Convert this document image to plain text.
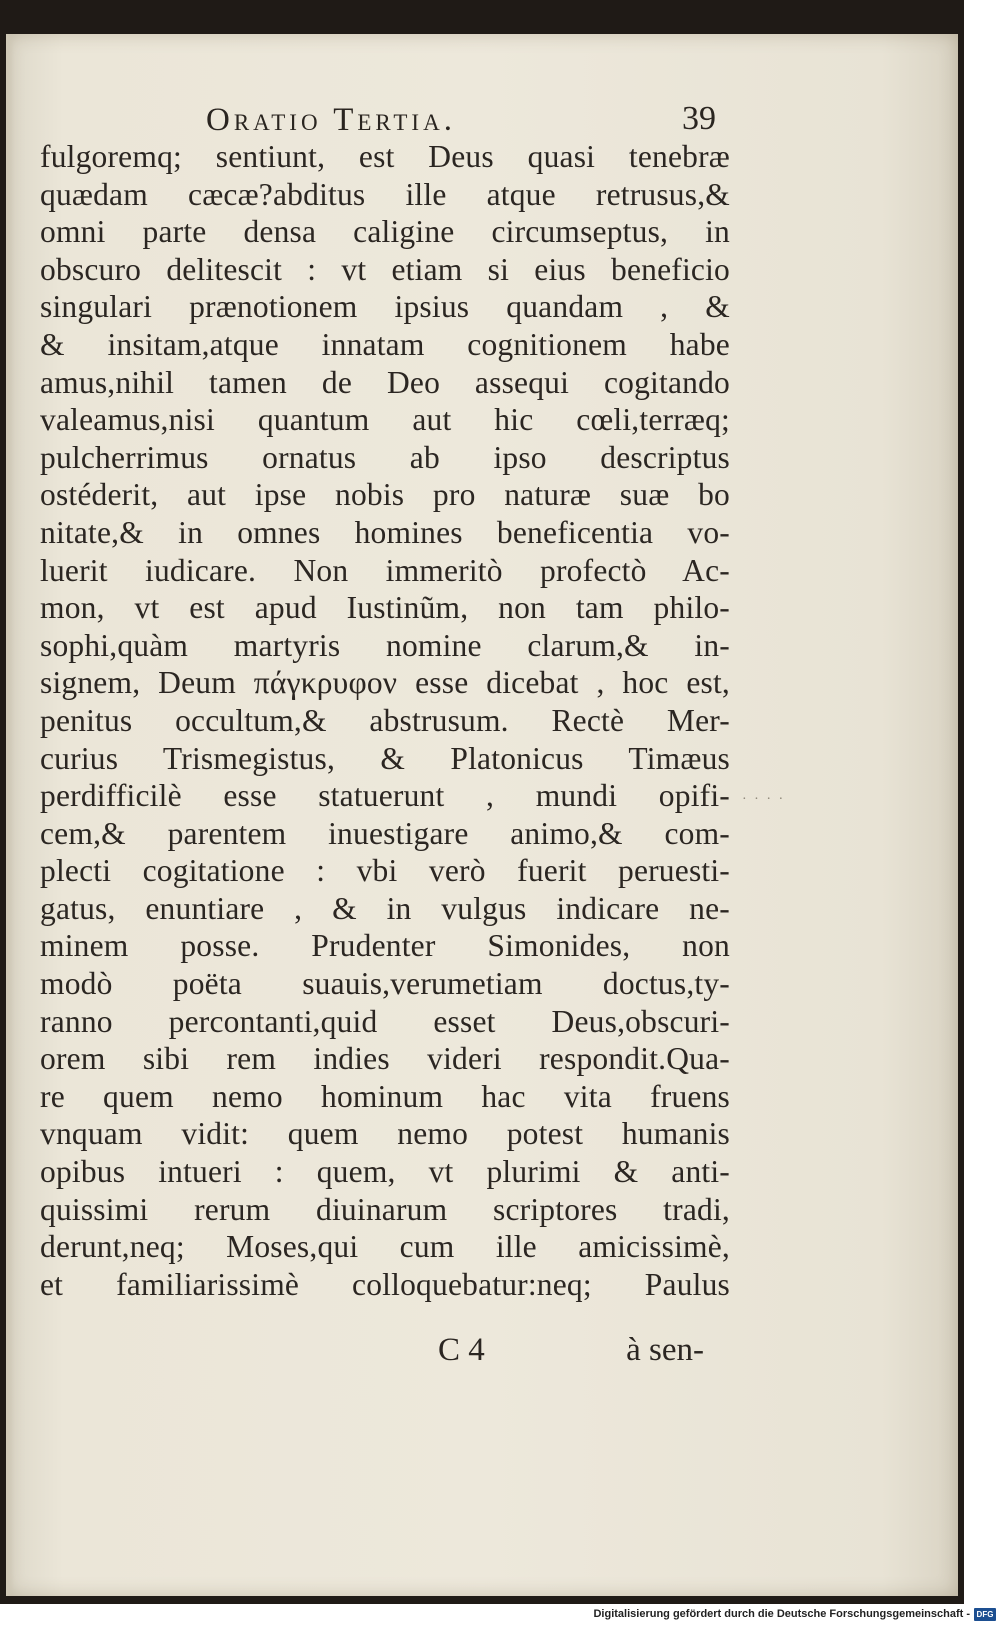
Oratio Tertia.	39
fulgoremq; sentiunt, est Deus quasi tenebræ
quædam cæcæ?abditus ille atque retrusus,&
omni parte densa caligine circumseptus, in
obscuro delitescit : vt etiam si eius beneficio
singulari prænotionem ipsius quandam , &
& insitam,atque innatam cognitionem habe
amus,nihil tamen de Deo assequi cogitando
valeamus,nisi quantum aut hic cœli,terræq;
pulcherrimus ornatus ab ipso descriptus
ostéderit, aut ipse nobis pro naturæ suæ bo
nitate,& in omnes homines beneficentia vo-
luerit iudicare. Non immeritò profectò Ac-
mon, vt est apud Iustinũm, non tam philo-
sophi,quàm martyris nomine clarum,& in-
signem, Deum πάγκρυφον esse dicebat , hoc est,
penitus occultum,& abstrusum. Rectè Mer-
curius Trismegistus, & Platonicus Timæus
perdifficilè esse statuerunt , mundi opifi-
cem,& parentem inuestigare animo,& com-
plecti cogitatione : vbi verò fuerit peruesti-
gatus, enuntiare , & in vulgus indicare ne-
minem posse. Prudenter Simonides, non
modò poëta suauis,verumetiam doctus,ty-
ranno percontanti,quid esset Deus,obscuri-
orem sibi rem indies videri respondit.Qua-
re quem nemo hominum hac vita fruens
vnquam vidit: quem nemo potest humanis
opibus intueri : quem, vt plurimi & anti-
quissimi rerum diuinarum scriptores tradi,
derunt,neq; Moses,qui cum ille amicissimè,
et familiarissimè colloquebatur:neq; Paulus
· · · ·
C 4	à sen-
Digitalisierung gefördert durch die Deutsche Forschungsgemeinschaft - DFG
